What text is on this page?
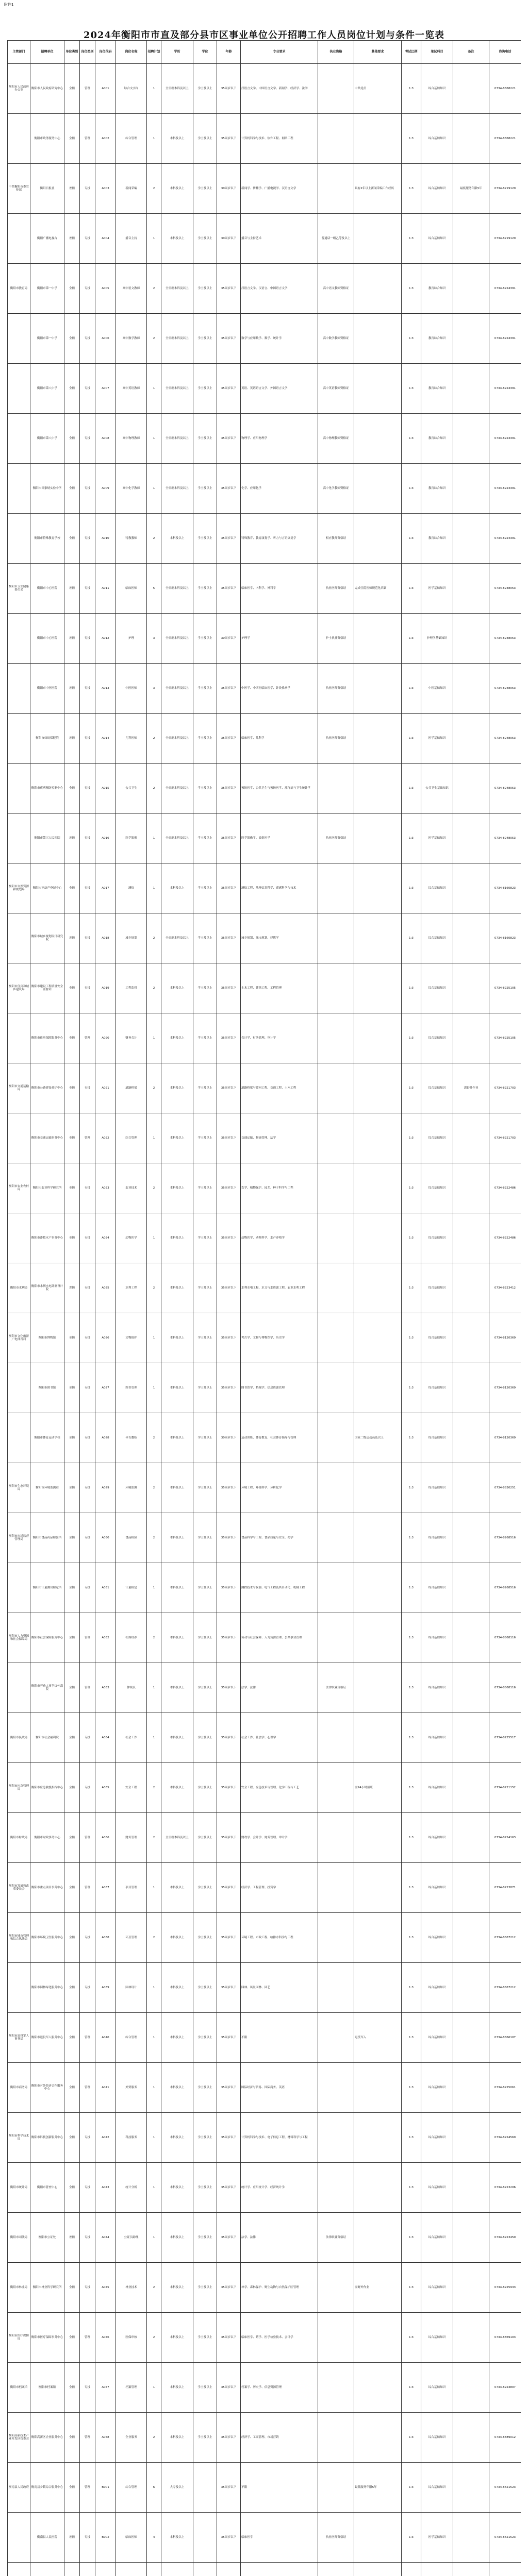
附件1
2024年衡阳市市直及部分县市区事业单位公开招聘工作人员岗位计划与条件一览表
主管部门	招聘单位	单位类别	岗位类别	岗位代码	岗位名称	招聘计划	学历	学位	年龄	专业要求	执业资格	其他要求	考试比例	笔试科目	备注	咨询电话
衡阳市人民政府办公室	衡阳市人民政府研究中心	全额	管理	A001	综合文字岗	1	全日制本科及以上	学士及以上	35周岁以下	汉语言文学、中国语言文学、新闻学、经济学、法学		中共党员	1:3	综合基础知识		0734-8868221
	衡阳市政务服务中心	全额	管理	A002	综合管理	1	本科及以上	学士及以上	35周岁以下	计算机科学与技术、软件工程、网络工程			1:3	综合基础知识		0734-8868221
中共衡阳市委宣传部	衡阳日报社	差额	专技	A003	新闻采编	2	本科及以上	学士及以上	30周岁以下	新闻学、传播学、广播电视学、汉语言文学		具有2年以上新闻采编工作经历	1:3	综合基础知识	最低服务年限5年	0734-8219120
	衡阳广播电视台	差额	专技	A004	播音主持	1	本科及以上	学士及以上	30周岁以下	播音与主持艺术	普通话一级乙等及以上		1:3	综合基础知识		0734-8219120
衡阳市教育局	衡阳市第一中学	全额	专技	A005	高中语文教师	2	全日制本科及以上	学士及以上	35周岁以下	汉语言文学、汉语言、中国语言文学	高中语文教师资格证		1:3	教育综合知识		0734-8224391
	衡阳市第一中学	全额	专技	A006	高中数学教师	2	全日制本科及以上	学士及以上	35周岁以下	数学与应用数学、数学、统计学	高中数学教师资格证		1:3	教育综合知识		0734-8224391
	衡阳市第八中学	全额	专技	A007	高中英语教师	1	全日制本科及以上	学士及以上	35周岁以下	英语、英语语言文学、外国语言文学	高中英语教师资格证		1:3	教育综合知识		0734-8224391
	衡阳市第八中学	全额	专技	A008	高中物理教师	1	全日制本科及以上	学士及以上	35周岁以下	物理学、应用物理学	高中物理教师资格证		1:3	教育综合知识		0734-8224391
	衡阳市田家炳实验中学	全额	专技	A009	高中化学教师	1	全日制本科及以上	学士及以上	35周岁以下	化学、应用化学	高中化学教师资格证		1:3	教育综合知识		0734-8224391
	衡阳市特殊教育学校	全额	专技	A010	特教教师	2	本科及以上	学士及以上	35周岁以下	特殊教育、教育康复学、听力与言语康复学	相应教师资格证		1:3	教育综合知识		0734-8224391
衡阳市卫生健康委员会	衡阳市中心医院	差额	专技	A011	临床医师	5	全日制本科及以上	学士及以上	35周岁以下	临床医学、内科学、外科学	执业医师资格证	完成住院医师规范化培训	1:3	医学基础知识		0734-8248053
	衡阳市中心医院	差额	专技	A012	护理	3	全日制本科及以上	学士及以上	30周岁以下	护理学	护士执业资格证		1:3	护理学基础知识		0734-8248053
	衡阳市中医医院	差额	专技	A013	中医医师	3	全日制本科及以上	学士及以上	35周岁以下	中医学、中西医临床医学、针灸推拿学	执业医师资格证		1:3	中医基础知识		0734-8248053
	衡阳市妇幼保健院	差额	专技	A014	儿科医师	2	全日制本科及以上	学士及以上	35周岁以下	临床医学、儿科学	执业医师资格证		1:3	医学基础知识		0734-8248053
	衡阳市疾病预防控制中心	全额	专技	A015	公共卫生	2	全日制本科及以上	学士及以上	35周岁以下	预防医学、公共卫生与预防医学、流行病与卫生统计学			1:3	公共卫生基础知识		0734-8248053
	衡阳市第三人民医院	差额	专技	A016	医学影像	1	全日制本科及以上	学士及以上	35周岁以下	医学影像学、放射医学	执业医师资格证		1:3	医学基础知识		0734-8248053
衡阳市自然资源和规划局	衡阳市不动产登记中心	全额	专技	A017	测绘	1	本科及以上	学士及以上	35周岁以下	测绘工程、地理信息科学、遥感科学与技术			1:3	综合基础知识		0734-8160823
	衡阳市城乡规划设计研究院	差额	专技	A018	城乡规划	2	全日制本科及以上	学士及以上	35周岁以下	城乡规划、城市规划、建筑学			1:3	综合基础知识		0734-8160823
衡阳市住房和城乡建设局	衡阳市建设工程质量安全监督站	全额	专技	A019	工程监督	2	本科及以上	学士及以上	35周岁以下	土木工程、建筑工程、工程管理			1:3	综合基础知识		0734-8225105
	衡阳市住房保障服务中心	全额	管理	A020	财务会计	1	本科及以上	学士及以上	35周岁以下	会计学、财务管理、审计学			1:3	综合基础知识		0734-8225105
衡阳市交通运输局	衡阳市公路建设养护中心	全额	专技	A021	道路桥梁	2	本科及以上	学士及以上	35周岁以下	道路桥梁与渡河工程、交通工程、土木工程			1:3	综合基础知识	需野外作业	0734-8221703
	衡阳市交通运输事务中心	全额	管理	A022	综合管理	1	本科及以上	学士及以上	35周岁以下	交通运输、物流管理、法学			1:3	综合基础知识		0734-8221703
衡阳市农业农村局	衡阳市农业科学研究所	全额	专技	A023	农业技术	2	本科及以上	学士及以上	35周岁以下	农学、植物保护、园艺、种子科学与工程			1:3	综合基础知识		0734-8222486
	衡阳市畜牧水产事务中心	全额	专技	A024	动物医学	1	本科及以上	学士及以上	35周岁以下	动物医学、动物科学、水产养殖学			1:3	综合基础知识		0734-8222486
衡阳市水利局	衡阳市水利水电勘测设计院	差额	专技	A025	水利工程	2	本科及以上	学士及以上	35周岁以下	水利水电工程、水文与水资源工程、农业水利工程			1:3	综合基础知识		0734-8223412
衡阳市文化旅游广电体育局	衡阳市博物馆	全额	专技	A026	文物保护	1	本科及以上	学士及以上	35周岁以下	考古学、文物与博物馆学、历史学			1:3	综合基础知识		0734-8120369
	衡阳市图书馆	全额	专技	A027	图书管理	1	本科及以上	学士及以上	35周岁以下	图书馆学、档案学、信息资源管理			1:3	综合基础知识		0734-8120369
	衡阳市体育运动学校	全额	专技	A028	体育教练	2	本科及以上	学士及以上	30周岁以下	运动训练、体育教育、社会体育指导与管理		国家二级运动员及以上	1:3	综合基础知识		0734-8120369
衡阳市生态环境局	衡阳市环境监测站	全额	专技	A029	环境监测	2	本科及以上	学士及以上	35周岁以下	环境工程、环境科学、分析化学			1:3	综合基础知识		0734-8830251
衡阳市市场监督管理局	衡阳市食品药品检验所	全额	专技	A030	食品检验	2	本科及以上	学士及以上	35周岁以下	食品科学与工程、食品质量与安全、药学			1:3	综合基础知识		0734-8268516
	衡阳市计量测试检定所	全额	专技	A031	计量检定	1	本科及以上	学士及以上	35周岁以下	测控技术与仪器、电气工程及其自动化、机械工程			1:3	综合基础知识		0734-8268516
衡阳市人力资源和社会保障局	衡阳市社会保险服务中心	全额	管理	A032	社保经办	2	本科及以上	学士及以上	35周岁以下	劳动与社会保障、人力资源管理、公共事业管理			1:3	综合基础知识		0734-8868116
	衡阳市劳动人事争议仲裁院	全额	管理	A033	仲裁员	1	本科及以上	学士及以上	35周岁以下	法学、法律	法律职业资格证		1:3	综合基础知识		0734-8868116
衡阳市民政局	衡阳市社会福利院	全额	专技	A034	社会工作	1	本科及以上	学士及以上	35周岁以下	社会工作、社会学、心理学			1:3	综合基础知识		0734-8225517
衡阳市应急管理局	衡阳市应急救援指挥中心	全额	专技	A035	安全工程	2	本科及以上	学士及以上	35周岁以下	安全工程、应急技术与管理、化学工程与工艺		需24小时值班	1:3	综合基础知识		0734-8221152
衡阳市财政局	衡阳市财政事务中心	全额	管理	A036	财务管理	2	全日制本科及以上	学士及以上	35周岁以下	财政学、会计学、财务管理、审计学			1:3	综合基础知识		0734-8224163
衡阳市发展和改革委员会	衡阳市重点项目事务中心	全额	管理	A037	项目管理	1	本科及以上	学士及以上	35周岁以下	经济学、工程管理、投资学			1:3	综合基础知识		0734-8223871
衡阳市城市管理和综合执法局	衡阳市环境卫生服务中心	全额	专技	A038	环卫管理	2	本科及以上	学士及以上	35周岁以下	环境工程、市政工程、给排水科学与工程			1:3	综合基础知识		0734-8867212
	衡阳市园林绿化服务中心	全额	专技	A039	园林设计	1	本科及以上	学士及以上	35周岁以下	园林、风景园林、园艺			1:3	综合基础知识		0734-8867212
衡阳市退役军人事务局	衡阳市退役军人服务中心	全额	管理	A040	综合管理	1	本科及以上	学士及以上	35周岁以下	不限		退役军人	1:3	综合基础知识		0734-8866107
衡阳市商务局	衡阳市对外经济合作服务中心	全额	管理	A041	外贸服务	1	本科及以上	学士及以上	35周岁以下	国际经济与贸易、国际商务、英语			1:3	综合基础知识		0734-8225061
衡阳市科学技术局	衡阳市科技创新服务中心	全额	专技	A042	科技服务	1	本科及以上	学士及以上	35周岁以下	计算机科学与技术、电子信息工程、材料科学与工程			1:3	综合基础知识		0734-8224560
衡阳市统计局	衡阳市普查中心	全额	专技	A043	统计分析	1	本科及以上	学士及以上	35周岁以下	统计学、应用统计学、经济统计学			1:3	综合基础知识		0734-8223206
衡阳市司法局	衡阳市公证处	差额	专技	A044	公证员助理	1	本科及以上	学士及以上	35周岁以下	法学、法律	法律职业资格证		1:3	综合基础知识		0734-8223450
衡阳市林业局	衡阳市林业科学研究所	全额	专技	A045	林业技术	2	本科及以上	学士及以上	35周岁以下	林学、森林保护、野生动物与自然保护区管理		需野外作业	1:3	综合基础知识		0734-8225933
衡阳市医疗保障局	衡阳市医疗保障事务中心	全额	管理	A046	医保审核	2	本科及以上	学士及以上	35周岁以下	临床医学、药学、医学检验技术、会计学			1:3	综合基础知识		0734-8869103
衡阳市档案馆	衡阳市档案馆	全额	专技	A047	档案管理	1	本科及以上	学士及以上	35周岁以下	档案学、历史学、信息资源管理			1:3	综合基础知识		0734-8224807
衡阳高新技术产业开发区管委会	衡阳高新区企业服务中心	全额	管理	A048	企业服务	2	本科及以上	学士及以上	35周岁以下	经济学、工商管理、市场营销			1:3	综合基础知识		0734-8889012
衡南县人民政府	衡南县乡镇综合服务中心	全额	管理	B001	综合管理	6	大专及以上		35周岁以下	不限		最低服务年限5年	1:3	综合基础知识		0734-8621523
	衡南县人民医院	差额	专技	B002	临床医师	4	本科及以上		35周岁以下	临床医学	执业医师资格证		1:3	医学基础知识		0734-8621523
